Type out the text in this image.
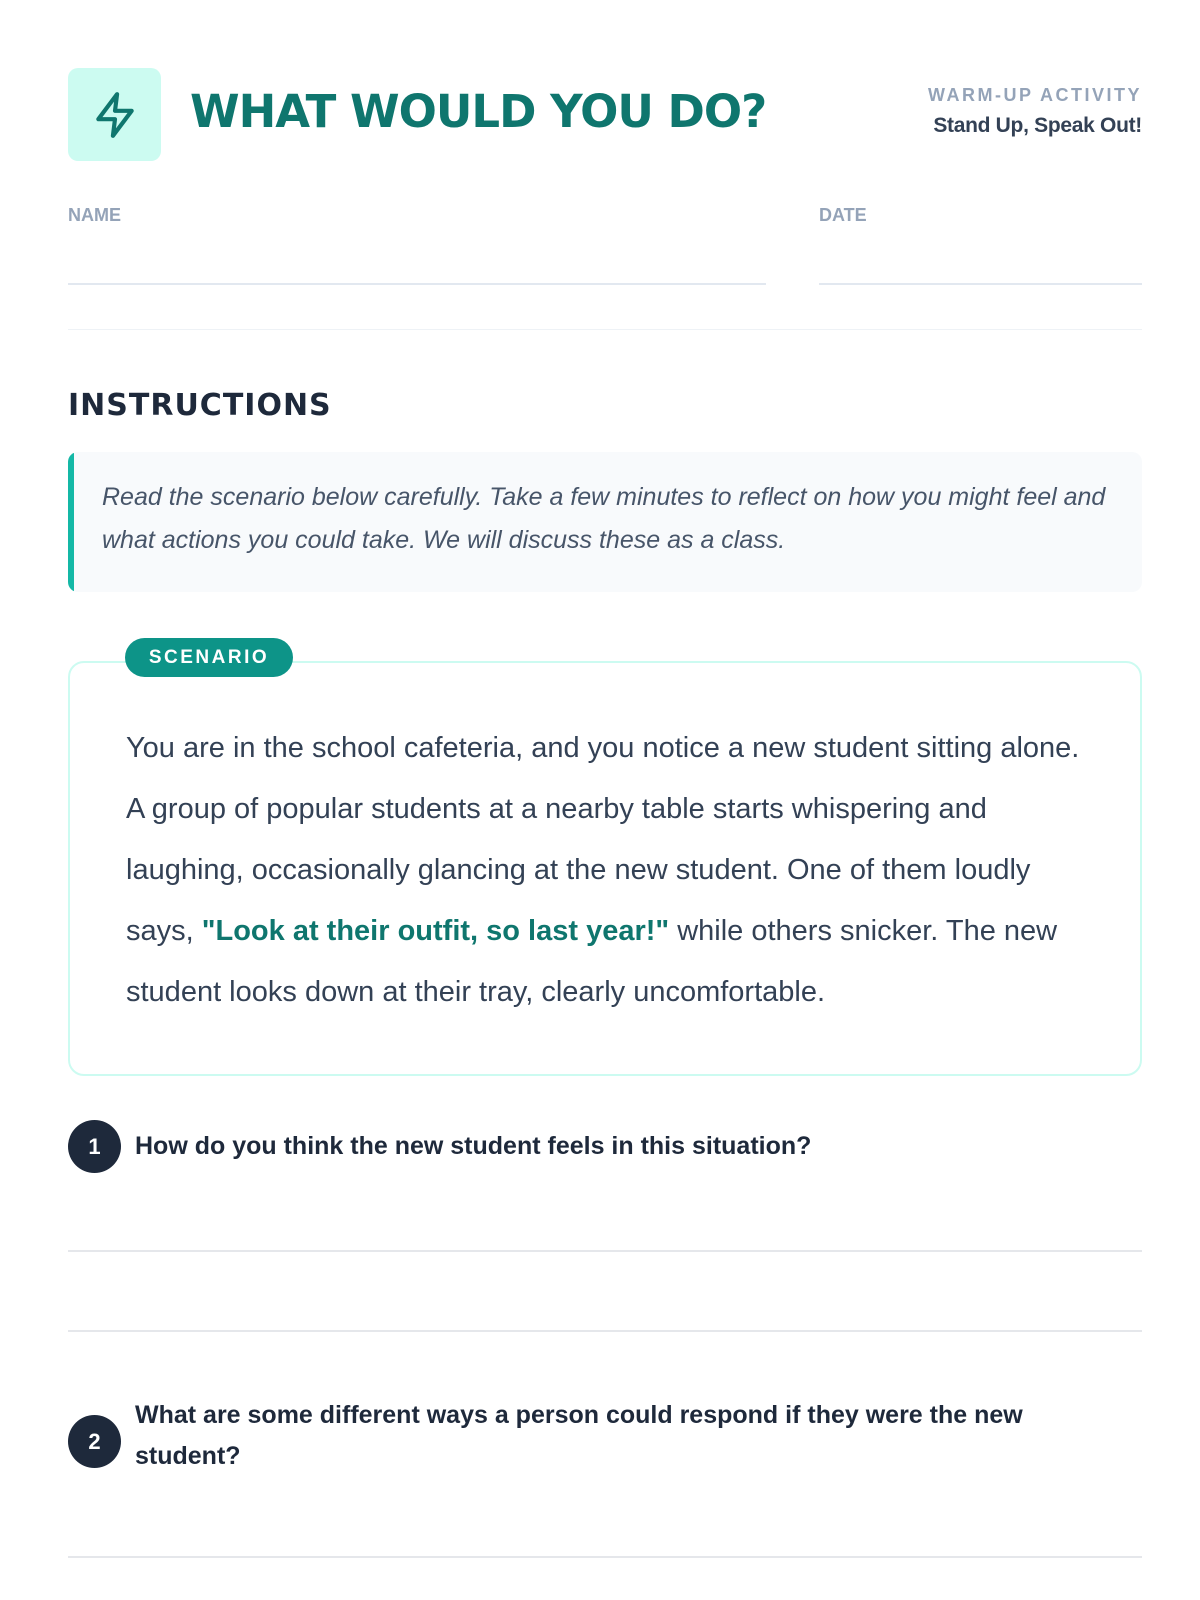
WHAT WOULD YOU DO?	WARM-UP ACTIVITY
Stand Up, Speak Out!
NAME	DATE
INSTRUCTIONS
Read the scenario below carefully. Take a few minutes to reflect on how you might feel and what actions you could take. We will discuss these as a class.
You are in the school cafeteria, and you notice a new student sitting alone. A group of popular students at a nearby table starts whispering and laughing, occasionally glancing at the new student. One of them loudly says, "Look at their outfit, so last year!" while others snicker. The new student looks down at their tray, clearly uncomfortable.
SCENARIO
1	How do you think the new student feels in this situation?
2
What are some different ways a person could respond if they were the new student?
